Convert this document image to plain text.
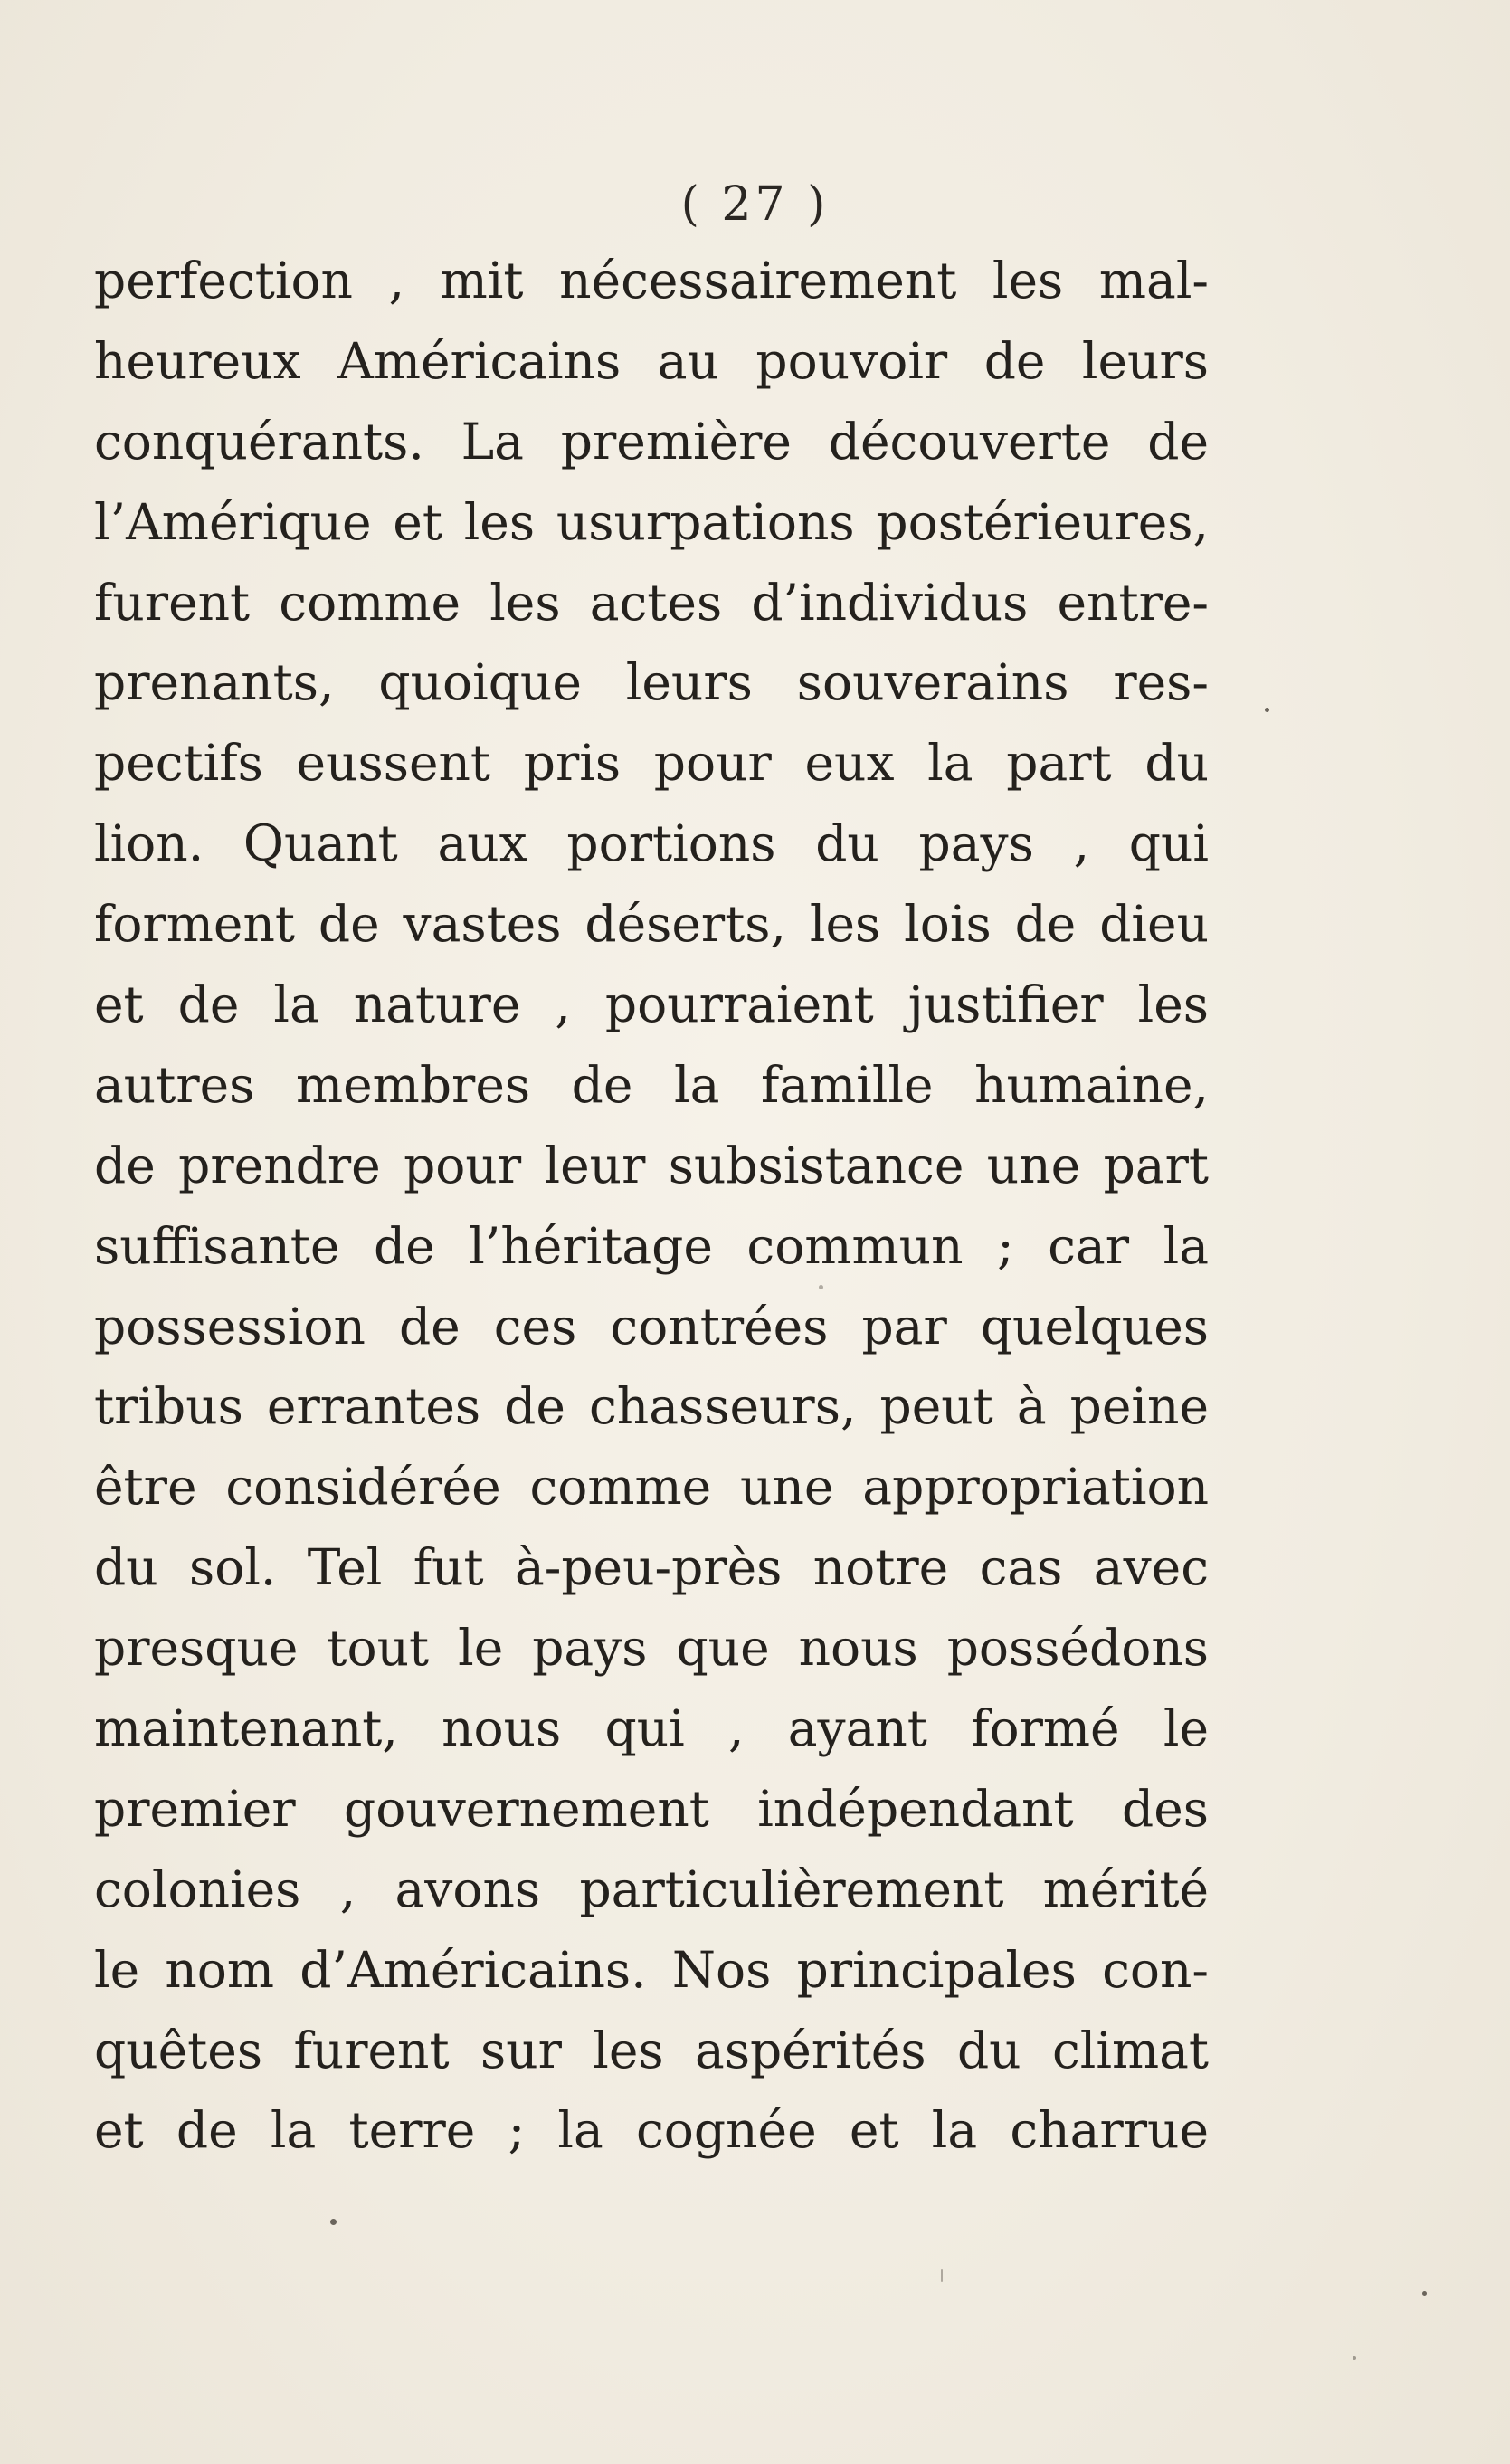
( 27 )
perfection , mit nécessairement les mal-
heureux Américains au pouvoir de leurs
conquérants. La première découverte de
l’Amérique et les usurpations postérieures,
furent comme les actes d’individus entre-
prenants, quoique leurs souverains res-
pectifs eussent pris pour eux la part du
lion. Quant aux portions du pays , qui
forment de vastes déserts, les lois de dieu
et de la nature , pourraient justifier les
autres membres de la famille humaine,
de prendre pour leur subsistance une part
suffisante de l’héritage commun ; car la
possession de ces contrées par quelques
tribus errantes de chasseurs, peut à peine
être considérée comme une appropriation
du sol. Tel fut à-peu-près notre cas avec
presque tout le pays que nous possédons
maintenant, nous qui , ayant formé le
premier gouvernement indépendant des
colonies , avons particulièrement mérité
le nom d’Américains. Nos principales con-
quêtes furent sur les aspérités du climat
et de la terre ; la cognée et la charrue
